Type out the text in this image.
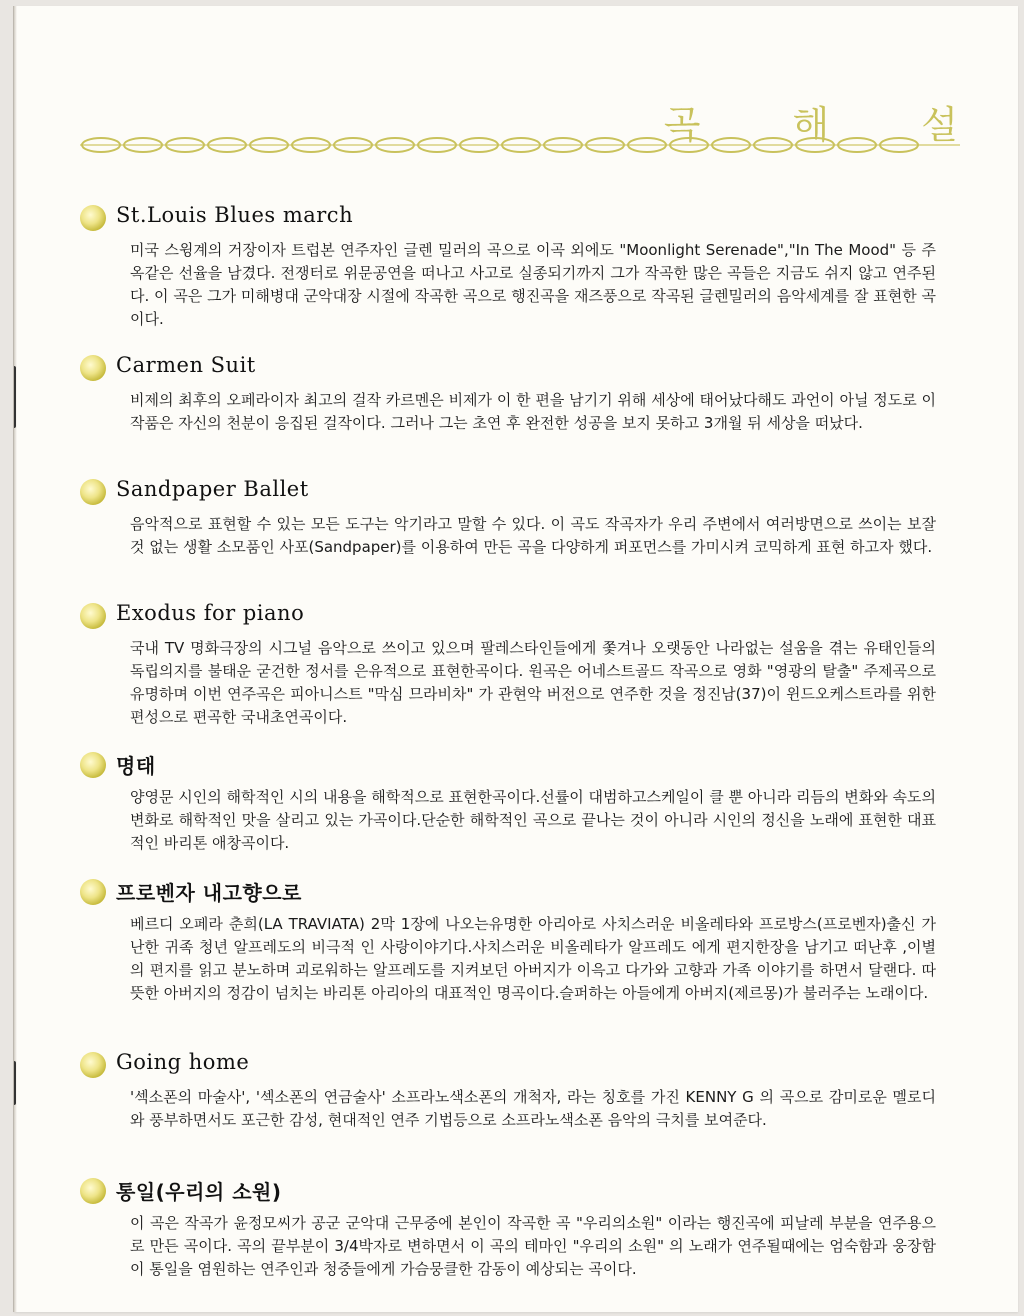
곡 해 설
St.Louis Blues march
미국 스윙계의 거장이자 트럽본 연주자인 글렌 밀러의 곡으로 이곡 외에도 "Moonlight Serenade","In The Mood" 등 주옥같은 선율을 남겼다. 전쟁터로 위문공연을 떠나고 사고로 실종되기까지 그가 작곡한 많은 곡들은 지금도 쉬지 않고 연주된다. 이 곡은 그가 미해병대 군악대장 시절에 작곡한 곡으로 행진곡을 재즈풍으로 작곡된 글렌밀러의 음악세계를 잘 표현한 곡이다.
Carmen Suit
비제의 최후의 오페라이자 최고의 걸작 카르멘은 비제가 이 한 편을 남기기 위해 세상에 태어났다해도 과언이 아닐 정도로 이 작품은 자신의 천분이 응집된 걸작이다. 그러나 그는 초연 후 완전한 성공을 보지 못하고 3개월 뒤 세상을 떠났다.
Sandpaper Ballet
음악적으로 표현할 수 있는 모든 도구는 악기라고 말할 수 있다. 이 곡도 작곡자가 우리 주변에서 여러방면으로 쓰이는 보잘것 없는 생활 소모품인 사포(Sandpaper)를 이용하여 만든 곡을 다양하게 퍼포먼스를 가미시켜 코믹하게 표현 하고자 했다.
Exodus for piano
국내 TV 명화극장의 시그널 음악으로 쓰이고 있으며 팔레스타인들에게 쫓겨나 오랫동안 나라없는 설움을 겪는 유태인들의 독립의지를 불태운 굳건한 정서를 은유적으로 표현한곡이다. 원곡은 어네스트골드 작곡으로 영화 "영광의 탈출" 주제곡으로 유명하며 이번 연주곡은 피아니스트 "막심 므라비차" 가 관현악 버전으로 연주한 것을 정진남(37)이 윈드오케스트라를 위한 편성으로 편곡한 국내초연곡이다.
명태
양영문 시인의 해학적인 시의 내용을 해학적으로 표현한곡이다.선률이 대범하고스케일이 클 뿐 아니라 리듬의 변화와 속도의 변화로 해학적인 맛을 살리고 있는 가곡이다.단순한 해학적인 곡으로 끝나는 것이 아니라 시인의 정신을 노래에 표현한 대표적인 바리톤 애창곡이다.
프로벤자 내고향으로
베르디 오페라 춘희(LA TRAVIATA) 2막 1장에 나오는유명한 아리아로 사치스러운 비올레타와 프로방스(프로벤자)출신 가난한 귀족 청년 알프레도의 비극적 인 사랑이야기다.사치스러운 비올레타가 알프레도 에게 편지한장을 남기고 떠난후 ,이별의 편지를 읽고 분노하며 괴로워하는 알프레도를 지켜보던 아버지가 이윽고 다가와 고향과 가족 이야기를 하면서 달랜다. 따뜻한 아버지의 정감이 넘치는 바리톤 아리아의 대표적인 명곡이다.슬퍼하는 아들에게 아버지(제르몽)가 불러주는 노래이다.
Going home
'섹소폰의 마술사', '섹소폰의 연금술사' 소프라노색소폰의 개척자, 라는 칭호를 가진 KENNY G 의 곡으로 감미로운 멜로디와 풍부하면서도 포근한 감성, 현대적인 연주 기법등으로 소프라노색소폰 음악의 극치를 보여준다.
통일(우리의 소원)
이 곡은 작곡가 윤정모씨가 공군 군악대 근무중에 본인이 작곡한 곡 "우리의소원" 이라는 행진곡에 피날레 부분을 연주용으로 만든 곡이다. 곡의 끝부분이 3/4박자로 변하면서 이 곡의 테마인 "우리의 소원" 의 노래가 연주될때에는 엄숙함과 웅장함이 통일을 염원하는 연주인과 청중들에게 가슴뭉클한 감동이 예상되는 곡이다.
